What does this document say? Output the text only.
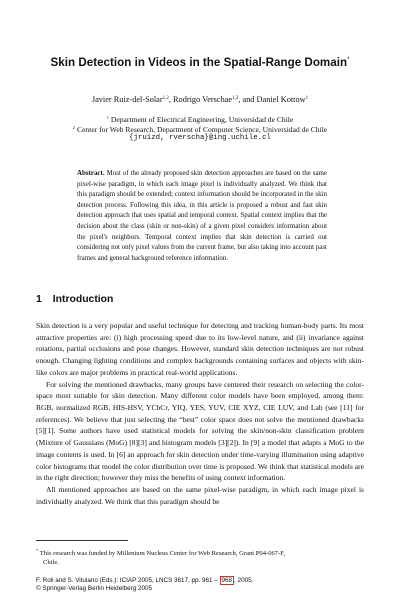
Skin Detection in Videos in the Spatial-Range Domain*
Javier Ruiz-del-Solar$^{1,2}$, Rodrigo Verschae$^{1,2}$, and Daniel Kottow$^1$
$^1$ Department of Electrical Engineering, Universidad de Chile
$^2$ Center for Web Research, Department of Computer Science, Universidad de Chile
{jruizd, rverscha}@ing.uchile.cl
Abstract. Most of the already proposed skin detection approaches are based on the same pixel-wise paradigm, in which each image pixel is individually analyzed. We think that this paradigm should be extended; context information should be incorporated in the skin detection process. Following this idea, in this article is proposed a robust and fast skin detection approach that uses spatial and temporal context. Spatial context implies that the decision about the class (skin or non-skin) of a given pixel considers information about the pixel's neighbors. Temporal context implies that skin detection is carried out considering not only pixel values from the current frame, but also taking into account past frames and general background reference information.
1 Introduction

Skin detection is a very popular and useful technique for detecting and tracking human-body parts. Its most attractive properties are: (i) high processing speed due to its low-level nature, and (ii) invariance against rotations, partial occlusions and pose changes. However, standard skin detection techniques are not robust enough. Changing lighting conditions and complex backgrounds containing surfaces and objects with skin-like colors are major problems in practical real-world applications.

For solving the mentioned drawbacks, many groups have centered their research on selecting the color-space most suitable for skin detection. Many different color models have been employed, among them: RGB, normalized RGB, HIS-HSV, YCbCr, YIQ, YES, YUV, CIE XYZ, CIE LUV, and Lab (see [11] for references). We believe that just selecting the “best” color space does not solve the mentioned drawbacks [5][1]. Some authors have used statistical models for solving the skin/non-skin classification problem (Mixture of Gaussians (MoG) [8][3] and histogram models [3][2]). In [9] a model that adapts a MoG to the image contents is used. In [6] an approach for skin detection under time-varying illumination using adaptive color histograms that model the color distribution over time is proposed. We think that statistical models are in the right direction; however they miss the benefits of using context information.

All mentioned approaches are based on the same pixel-wise paradigm, in which each image pixel is individually analyzed. We think that this paradigm should be

* This research was funded by Millenium Nucleus Center for Web Research, Grant P04-067-F,
Chile.
F. Roli and S. Vitulano (Eds.): ICIAP 2005, LNCS 3617, pp. 961 – 968 , 2005.
© Springer-Verlag Berlin Heidelberg 2005
